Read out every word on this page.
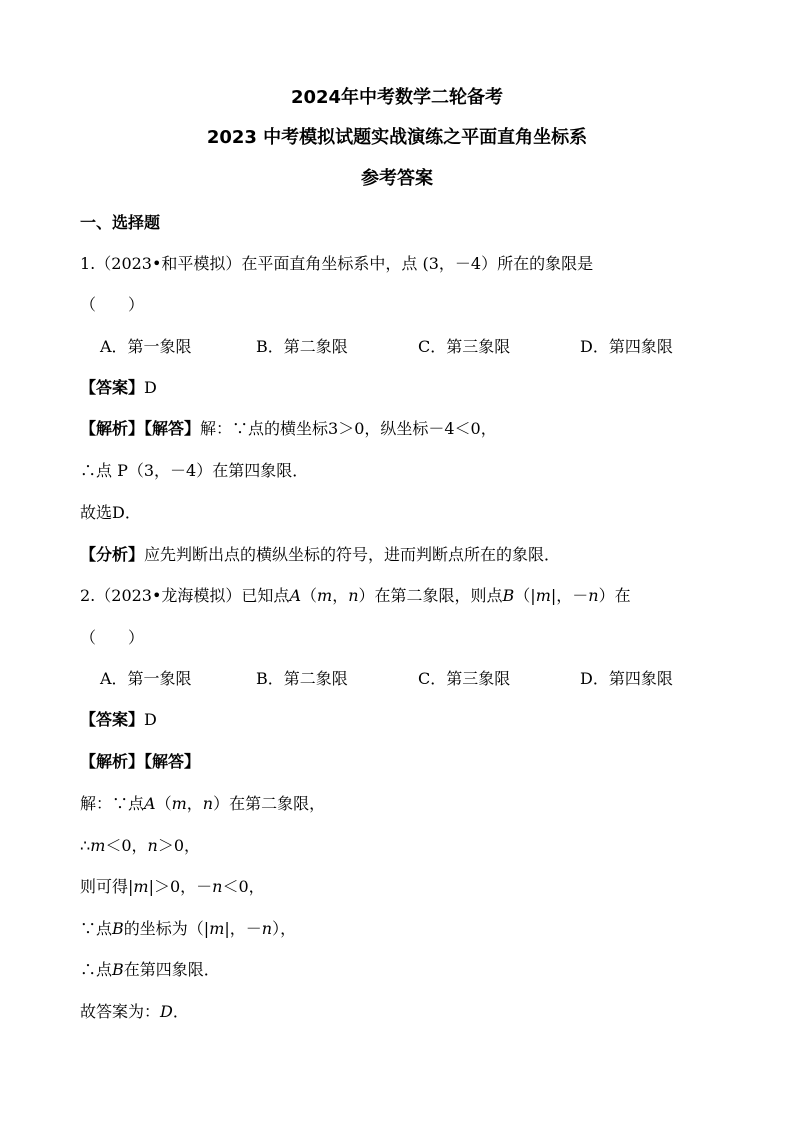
2024年中考数学二轮备考
2023 中考模拟试题实战演练之平面直角坐标系
参考答案
一、选择题
1.（2023•和平模拟）在平面直角坐标系中，点 (3，－4）所在的象限是
（　　）
A．第一象限	B．第二象限	C．第三象限	D．第四象限
【答案】D
【解析】【解答】解：∵点的横坐标3＞0，纵坐标－4＜0，
∴点 P（3，－4）在第四象限．
故选D．
【分析】应先判断出点的横纵坐标的符号，进而判断点所在的象限．
2.（2023•龙海模拟）已知点A（m，n）在第二象限，则点B（|m|，－n）在
（　　）
A．第一象限	B．第二象限	C．第三象限	D．第四象限
【答案】D
【解析】【解答】
解：∵点A（m，n）在第二象限，
∴m＜0，n＞0，
则可得|m|＞0，－n＜0，
∵点B的坐标为（|m|，－n），
∴点B在第四象限．
故答案为：D．
